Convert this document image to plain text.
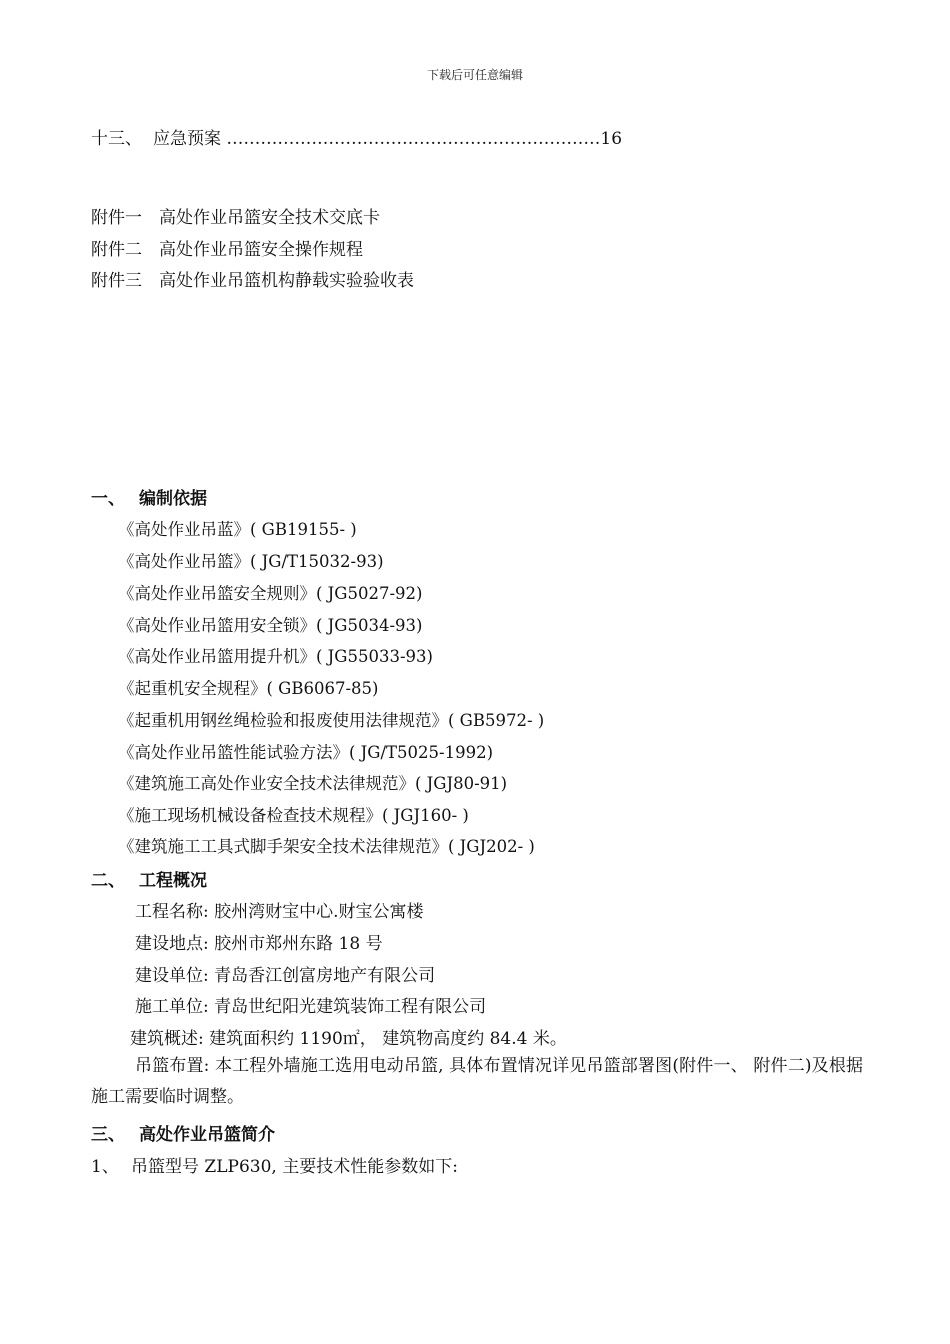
下载后可任意编辑
十三、 应急预案 …………………………………………………………16
附件一 高处作业吊篮安全技术交底卡
附件二 高处作业吊篮安全操作规程
附件三 高处作业吊篮机构静载实验验收表
一、 编制依据
《高处作业吊蓝》( GB19155- )
《高处作业吊篮》( JG/T15032-93)
《高处作业吊篮安全规则》( JG5027-92)
《高处作业吊篮用安全锁》( JG5034-93)
《高处作业吊篮用提升机》( JG55033-93)
《起重机安全规程》( GB6067-85)
《起重机用钢丝绳检验和报废使用法律规范》( GB5972- )
《高处作业吊篮性能试验方法》( JG/T5025-1992)
《建筑施工高处作业安全技术法律规范》( JGJ80-91)
《施工现场机械设备检查技术规程》( JGJ160- )
《建筑施工工具式脚手架安全技术法律规范》( JGJ202- )
二、 工程概况
工程名称: 胶州湾财宝中心.财宝公寓楼
建设地点: 胶州市郑州东路 18 号
建设单位: 青岛香江创富房地产有限公司
施工单位: 青岛世纪阳光建筑装饰工程有限公司
建筑概述: 建筑面积约 1190㎡， 建筑物高度约 84.4 米。
吊篮布置: 本工程外墙施工选用电动吊篮, 具体布置情况详见吊篮部署图(附件一、 附件二)及根据施工需要临时调整。
三、 高处作业吊篮简介
1、 吊篮型号 ZLP630, 主要技术性能参数如下:
